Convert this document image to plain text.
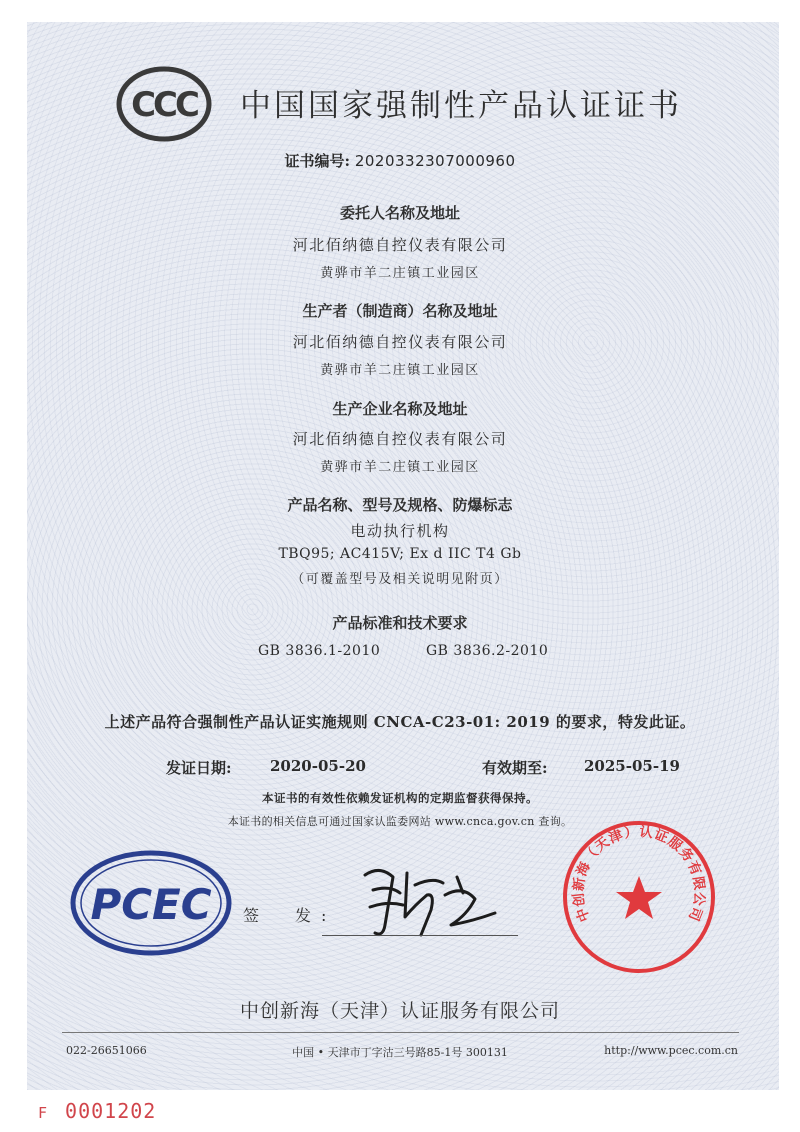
CCC 中国国家强制性产品认证证书
证书编号: 2020332307000960
委托人名称及地址
河北佰纳德自控仪表有限公司
黄骅市羊二庄镇工业园区
生产者（制造商）名称及地址
河北佰纳德自控仪表有限公司
黄骅市羊二庄镇工业园区
生产企业名称及地址
河北佰纳德自控仪表有限公司
黄骅市羊二庄镇工业园区
产品名称、型号及规格、防爆标志
电动执行机构
TBQ95; AC415V; Ex d IIC T4 Gb
（可覆盖型号及相关说明见附页）
产品标准和技术要求
GB 3836.1-2010	GB 3836.2-2010
上述产品符合强制性产品认证实施规则 CNCA-C23-01: 2019 的要求，特发此证。
发证日期:	2020-05-20	有效期至: 2025-05-19
本证书的有效性依赖发证机构的定期监督获得保持。
本证书的相关信息可通过国家认监委网站 www.cnca.gov.cn 查询。
PCEC 签　发:	中创新海（天津）认证服务有限公司
中创新海（天津）认证服务有限公司
022-26651066	中国 • 天津市丁字沽三号路85-1号 300131	http://www.pcec.com.cn
F 0001202
